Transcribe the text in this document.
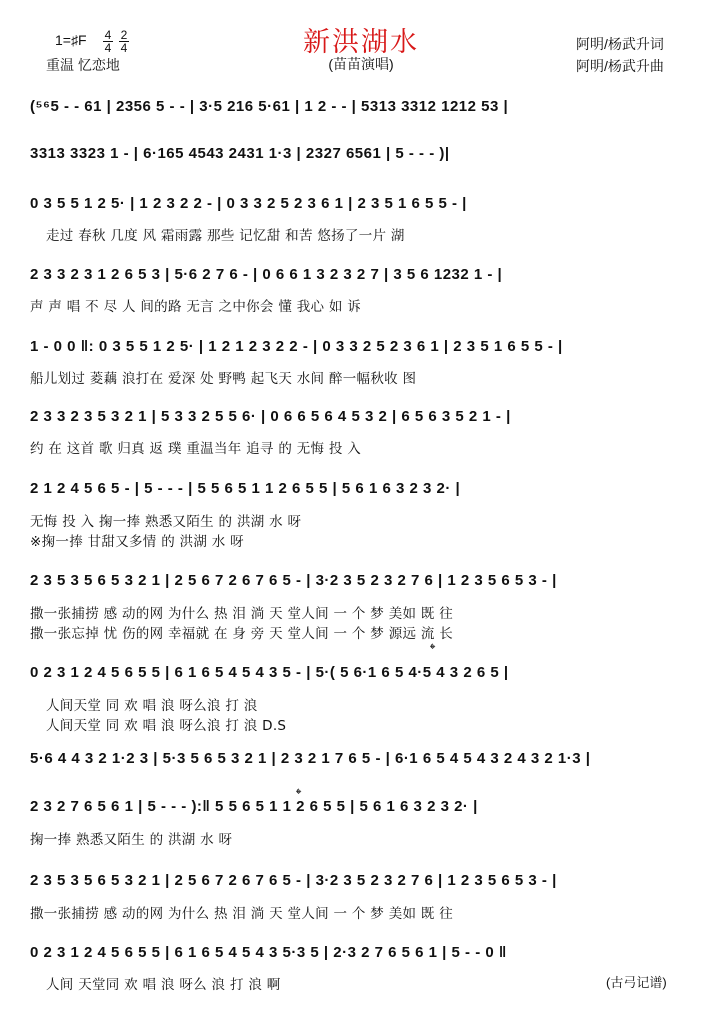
1=♯F 4
4
2
4
重温 忆恋地
新洪湖水
(苗苗演唱)
阿明/杨武升词
阿明/杨武升曲
(⁵⁶5 - - 61 | 2356 5 - - | 3·5 216 5·61 | 1 2 - - | 5313 3312 1212 53 |
3313 3323 1 - | 6·165 4543 2431 1·3 | 2327 6561 | 5 - - - )|
0 3 5 5 1 2 5· | 1 2 3 2 2 - | 0 3 3 2 5 2 3 6 1 | 2 3 5 1 6 5 5 - |
走过 春秋 几度 风 霜雨露 那些 记忆甜 和苦 悠扬了一片 湖
2 3 3 2 3 1 2 6 5 3 | 5·6 2 7 6 - | 0 6 6 1 3 2 3 2 7 | 3 5 6 1232 1 - |
声 声 唱 不 尽 人 间的路 无言 之中你会 懂 我心 如 诉
1 - 0 0 ‖: 0 3 5 5 1 2 5· | 1 2 1 2 3 2 2 - | 0 3 3 2 5 2 3 6 1 | 2 3 5 1 6 5 5 - |
船儿划过 菱藕 浪打在 爱深 处 野鸭 起飞天 水间 醉一幅秋收 图
2 3 3 2 3 5 3 2 1 | 5 3 3 2 5 5 6· | 0 6 6 5 6 4 5 3 2 | 6 5 6 3 5 2 1 - |
约 在 这首 歌 归真 返 璞 重温当年 追寻 的 无悔 投 入
2 1 2 4 5 6 5 - | 5 - - - | 5 5 6 5 1 1 2 6 5 5 | 5 6 1 6 3 2 3 2· |
无悔 投 入 掬一捧 熟悉又陌生 的 洪湖 水 呀
※掬一捧 甘甜又多情 的 洪湖 水 呀
2 3 5 3 5 6 5 3 2 1 | 2 5 6 7 2 6 7 6 5 - | 3·2 3 5 2 3 2 7 6 | 1 2 3 5 6 5 3 - |
撒一张捕捞 感 动的网 为什么 热 泪 淌 天 堂人间 一 个 梦 美如 既 往
撒一张忘掉 忧 伤的网 幸福就 在 身 旁 天 堂人间 一 个 梦 源远 流 长
0 2 3 1 2 4 5 6 5 5 | 6 1 6 5 4 5 4 3 5 - | 5·( 5 6·1 6 5 4·5 4 3 2 6 5 |
人间天堂 同 欢 唱 浪 呀么浪 打 浪
人间天堂 同 欢 唱 浪 呀么浪 打 浪 D.S
5·6 4 4 3 2 1·2 3 | 5·3 5 6 5 3 2 1 | 2 3 2 1 7 6 5 - | 6·1 6 5 4 5 4 3 2 4 3 2 1·3 |
2 3 2 7 6 5 6 1 | 5 - - - ):‖ 5 5 6 5 1 1 2 6 5 5 | 5 6 1 6 3 2 3 2· |
掬一捧 熟悉又陌生 的 洪湖 水 呀
2 3 5 3 5 6 5 3 2 1 | 2 5 6 7 2 6 7 6 5 - | 3·2 3 5 2 3 2 7 6 | 1 2 3 5 6 5 3 - |
撒一张捕捞 感 动的网 为什么 热 泪 淌 天 堂人间 一 个 梦 美如 既 往
0 2 3 1 2 4 5 6 5 5 | 6 1 6 5 4 5 4 3 5·3 5 | 2·3 2 7 6 5 6 1 | 5 - - 0 ‖
人间 天堂同 欢 唱 浪 呀么 浪 打 浪 啊
𝄌
𝄌
(古弓记谱)
